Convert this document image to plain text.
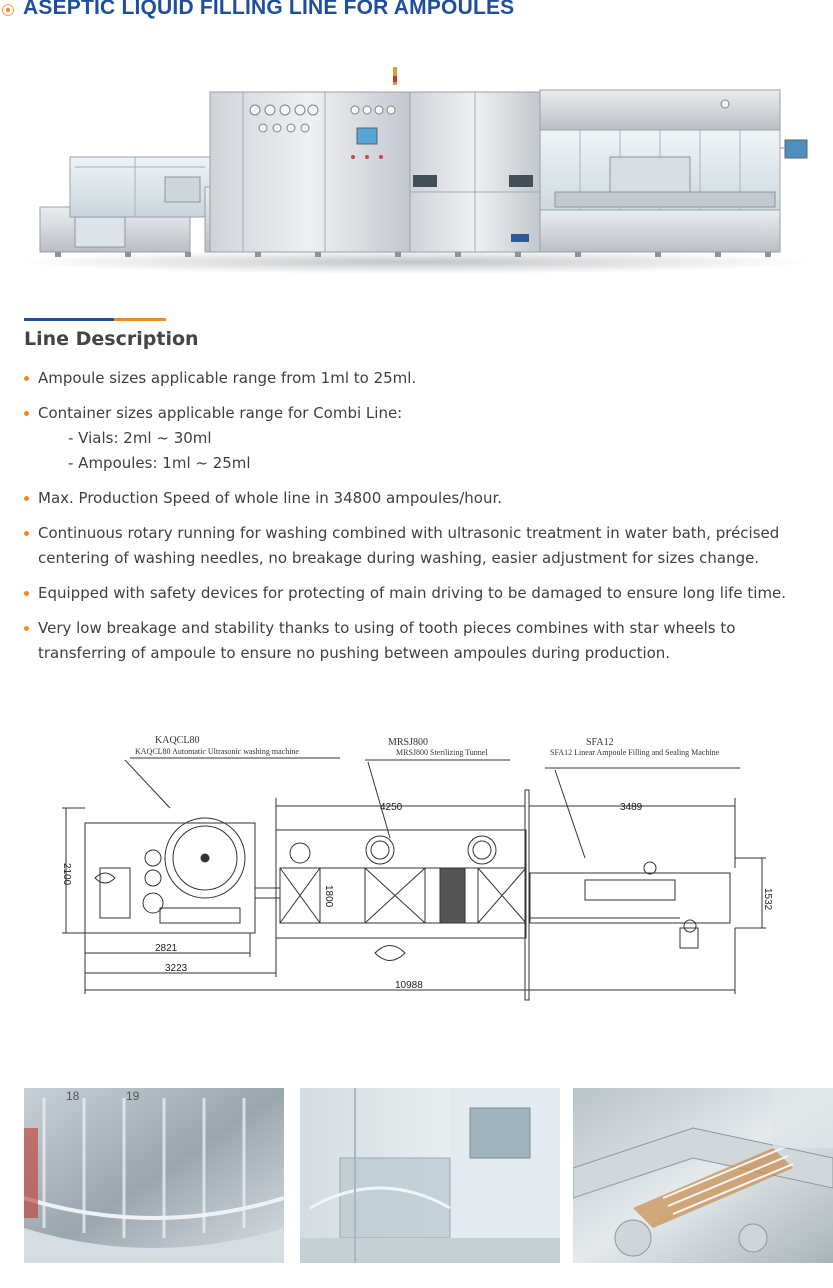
ASEPTIC LIQUID FILLING LINE FOR AMPOULES
Line Description
Ampoule sizes applicable range from 1ml to 25ml.
Container sizes applicable range for Combi Line:
- Vials: 2ml ~ 30ml
- Ampoules: 1ml ~ 25ml
Max. Production Speed of whole line in 34800 ampoules/hour.
Continuous rotary running for washing combined with ultrasonic treatment in water bath, précised centering of washing needles, no breakage during washing, easier adjustment for sizes change.
Equipped with safety devices for protecting of main driving to be damaged to ensure long life time.
Very low breakage and stability thanks to using of tooth pieces combines with star wheels to transferring of ampoule to ensure no pushing between ampoules during production.
KAQCL80
KAQCL80 Automatic Ultrasonic washing machine
MRSJ800
MRSJ800 Sterilizing Tunnel
SFA12
SFA12 Linear Ampoule Filling and Sealing Machine
4250	3489
2100
1800	1532
2821
3223
10988
18	19
